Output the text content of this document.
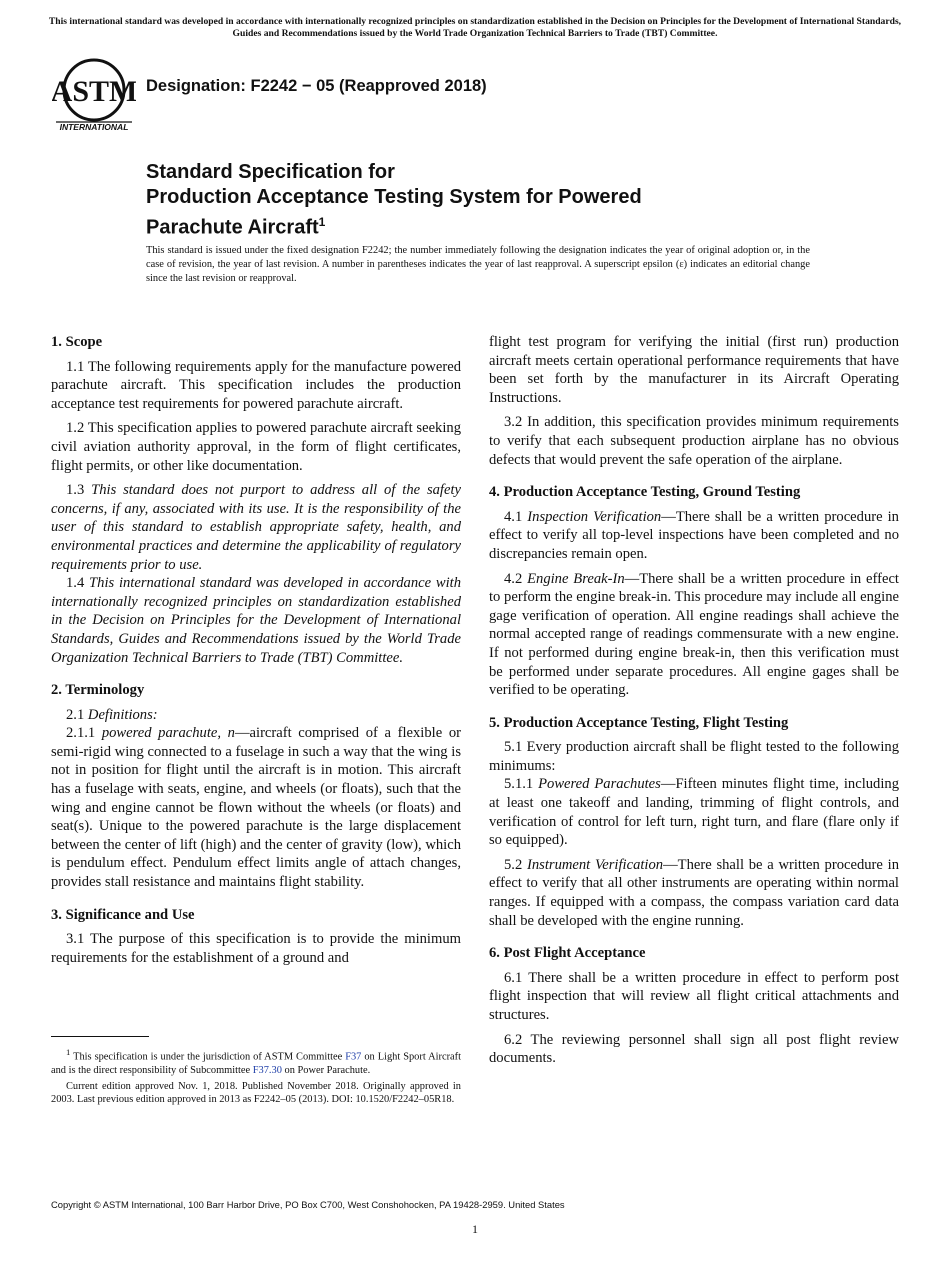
This international standard was developed in accordance with internationally recognized principles on standardization established in the Decision on Principles for the Development of International Standards, Guides and Recommendations issued by the World Trade Organization Technical Barriers to Trade (TBT) Committee.
ASTM
INTERNATIONAL
Designation: F2242 − 05 (Reapproved 2018)
Standard Specification for
Production Acceptance Testing System for Powered
Parachute Aircraft$^1$
This standard is issued under the fixed designation F2242; the number immediately following the designation indicates the year of original adoption or, in the case of revision, the year of last revision. A number in parentheses indicates the year of last reapproval. A superscript epsilon (ε) indicates an editorial change since the last revision or reapproval.
1. Scope

1.1 The following requirements apply for the manufacture powered parachute aircraft. This specification includes the production acceptance test requirements for powered parachute aircraft.

1.2 This specification applies to powered parachute aircraft seeking civil aviation authority approval, in the form of flight certificates, flight permits, or other like documentation.

1.3 This standard does not purport to address all of the safety concerns, if any, associated with its use. It is the responsibility of the user of this standard to establish appropriate safety, health, and environmental practices and determine the applicability of regulatory requirements prior to use.

1.4 This international standard was developed in accordance with internationally recognized principles on standardization established in the Decision on Principles for the Development of International Standards, Guides and Recommendations issued by the World Trade Organization Technical Barriers to Trade (TBT) Committee.

2. Terminology

2.1 Definitions:

2.1.1 powered parachute, n—aircraft comprised of a flexible or semi-rigid wing connected to a fuselage in such a way that the wing is not in position for flight until the aircraft is in motion. This aircraft has a fuselage with seats, engine, and wheels (or floats), such that the wing and engine cannot be flown without the wheels (or floats) and seat(s). Unique to the powered parachute is the large displacement between the center of lift (high) and the center of gravity (low), which is pendulum effect. Pendulum effect limits angle of attach changes, provides stall resistance and maintains flight stability.

3. Significance and Use

3.1 The purpose of this specification is to provide the minimum requirements for the establishment of a ground and

flight test program for verifying the initial (first run) production aircraft meets certain operational performance requirements that have been set forth by the manufacturer in its Aircraft Operating Instructions.

3.2 In addition, this specification provides minimum requirements to verify that each subsequent production airplane has no obvious defects that would prevent the safe operation of the airplane.

4. Production Acceptance Testing, Ground Testing

4.1 Inspection Verification—There shall be a written procedure in effect to verify all top-level inspections have been completed and no discrepancies remain open.

4.2 Engine Break-In—There shall be a written procedure in effect to perform the engine break-in. This procedure may include all engine gage verification of operation. All engine readings shall achieve the normal accepted range of readings commensurate with a new engine. If not performed during engine break-in, then this verification must be performed under separate procedures. All engine gages shall be verified to be operating.

5. Production Acceptance Testing, Flight Testing

5.1 Every production aircraft shall be flight tested to the following minimums:

5.1.1 Powered Parachutes—Fifteen minutes flight time, including at least one takeoff and landing, trimming of flight controls, and verification of control for left turn, right turn, and flare (flare only if so equipped).

5.2 Instrument Verification—There shall be a written procedure in effect to verify that all other instruments are operating within normal ranges. If equipped with a compass, the compass variation card data shall be developed with the engine running.

6. Post Flight Acceptance

6.1 There shall be a written procedure in effect to perform post flight inspection that will review all flight critical attachments and structures.

6.2 The reviewing personnel shall sign all post flight review documents.

$^1$ This specification is under the jurisdiction of ASTM Committee F37 on Light Sport Aircraft and is the direct responsibility of Subcommittee F37.30 on Power Parachute.

Current edition approved Nov. 1, 2018. Published November 2018. Originally approved in 2003. Last previous edition approved in 2013 as F2242–05 (2013). DOI: 10.1520/F2242–05R18.

Copyright © ASTM International, 100 Barr Harbor Drive, PO Box C700, West Conshohocken, PA 19428-2959. United States
1
